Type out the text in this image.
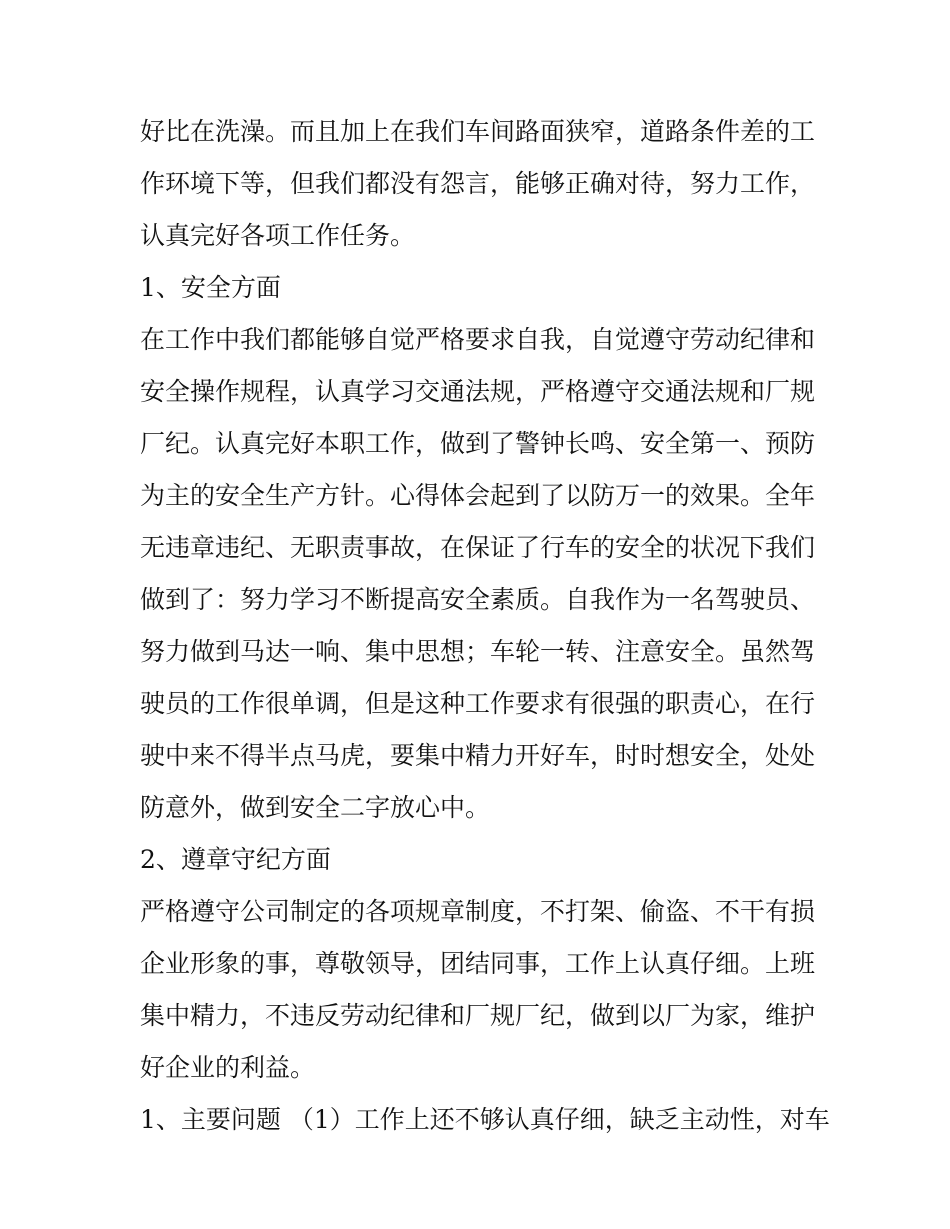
好比在洗澡。而且加上在我们车间路面狭窄，道路条件差的工
作环境下等，但我们都没有怨言，能够正确对待，努力工作，
认真完好各项工作任务。
1、安全方面
在工作中我们都能够自觉严格要求自我，自觉遵守劳动纪律和
安全操作规程，认真学习交通法规，严格遵守交通法规和厂规
厂纪。认真完好本职工作，做到了警钟长鸣、安全第一、预防
为主的安全生产方针。心得体会起到了以防万一的效果。全年
无违章违纪、无职责事故，在保证了行车的安全的状况下我们
做到了：努力学习不断提高安全素质。自我作为一名驾驶员、
努力做到马达一响、集中思想；车轮一转、注意安全。虽然驾
驶员的工作很单调，但是这种工作要求有很强的职责心，在行
驶中来不得半点马虎，要集中精力开好车，时时想安全，处处
防意外，做到安全二字放心中。
2、遵章守纪方面
严格遵守公司制定的各项规章制度，不打架、偷盗、不干有损
企业形象的事，尊敬领导，团结同事，工作上认真仔细。上班
集中精力，不违反劳动纪律和厂规厂纪，做到以厂为家，维护
好企业的利益。
1、主要问题 （1）工作上还不够认真仔细，缺乏主动性，对车
